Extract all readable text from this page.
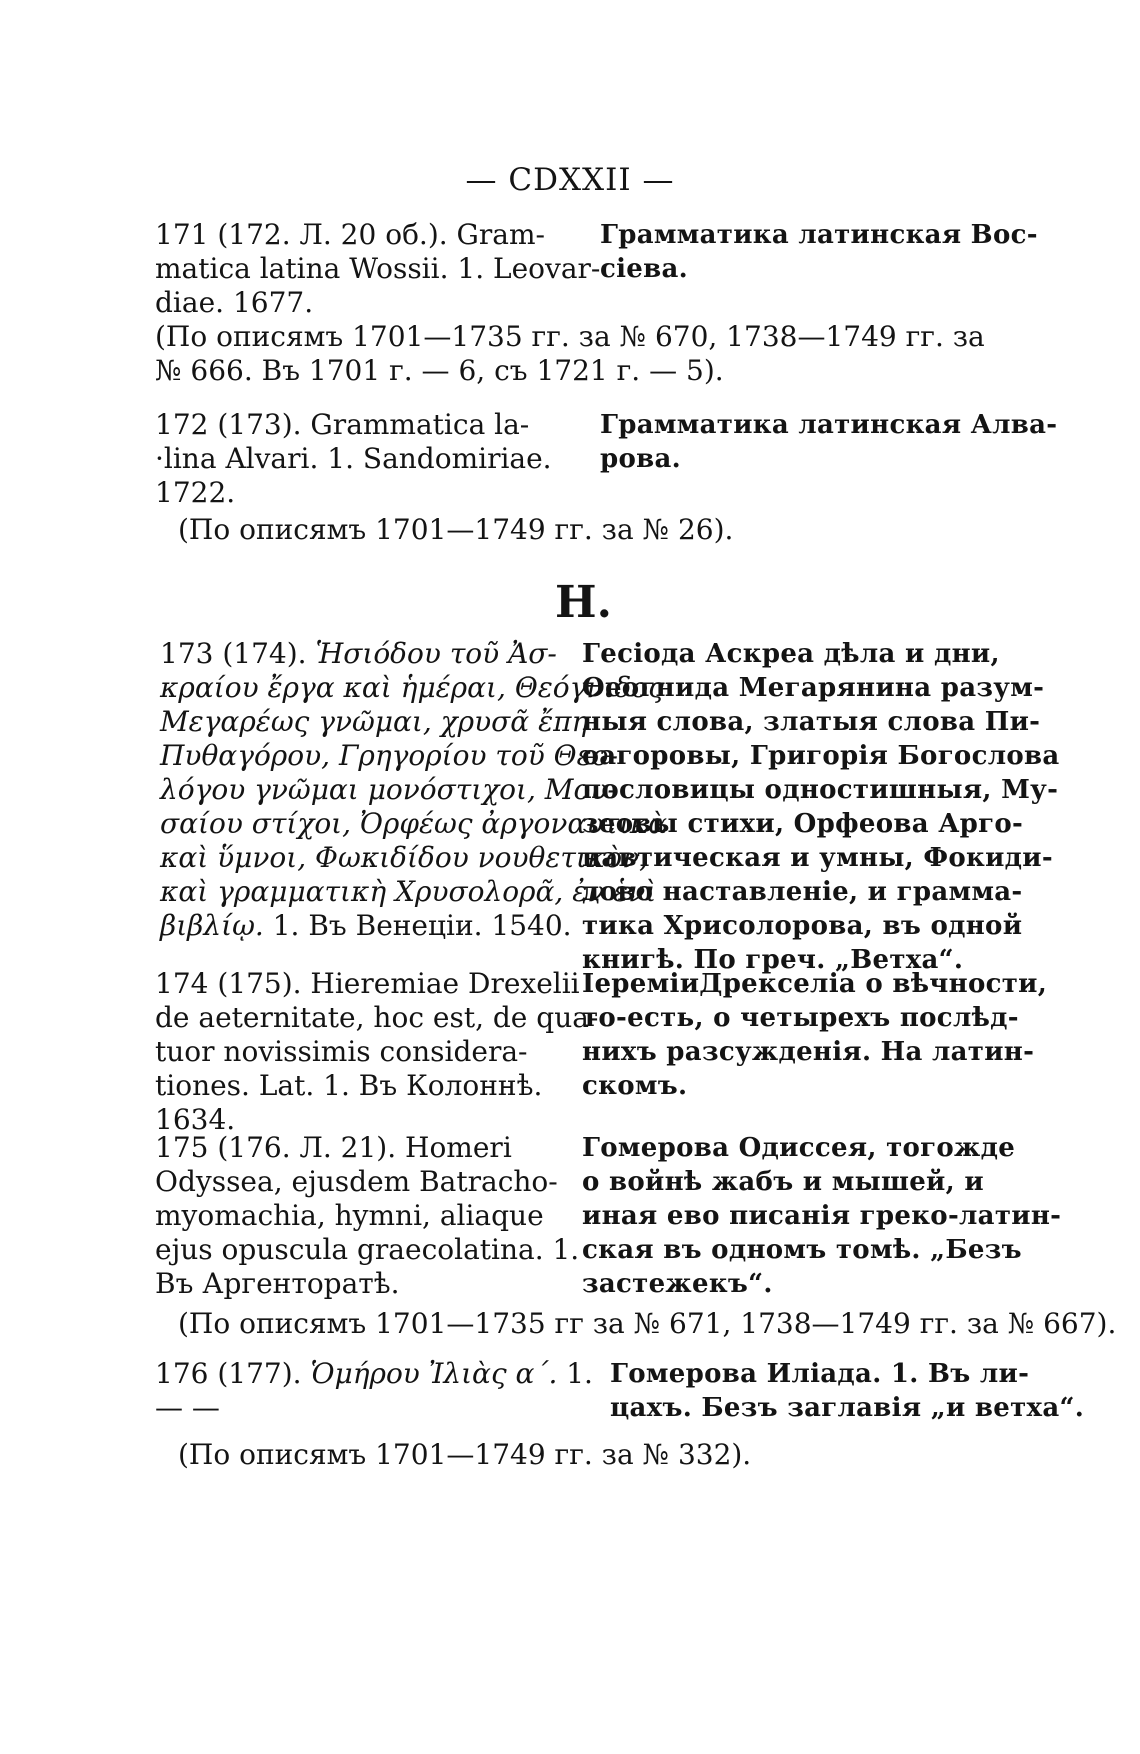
— CDXXII —
171 (172. Л. 20 об.). Gram-
matica latina Wossii. 1. Leovar-
diae. 1677.
Грамматика латинская Вос-
сіева.
(По описямъ 1701—1735 гг. за № 670, 1738—1749 гг. за
№ 666. Въ 1701 г. — 6, съ 1721 г. — 5).
172 (173). Grammatica la-
·lina Alvari. 1. Sandomiriae.
1722.
Грамматика латинская Алва-
рова.
(По описямъ 1701—1749 гг. за № 26).
Н.
173 (174). Ἡσιόδου τοῦ Ἀσ-
κραίου ἔργα καὶ ἡμέραι, Θεόγνιδος
Μεγαρέως γνῶμαι, χρυσᾶ ἔπη
Πυθαγόρου, Γρηγορίου τοῦ Θεο-
λόγου γνῶμαι μονόστιχοι, Μου-
σαίου στίχοι, Ὀρφέως ἀργοναυτικὰ
καὶ ὕμνοι, Φωκιδίδου νουθετικὸν,
καὶ γραμματικὴ Χρυσολορᾶ, ἐν ἑνὶ
βιβλίῳ. 1. Въ Венеціи. 1540.
Гесіода Аскреа дѣла и дни,
Ѳеогнида Мегарянина разум-
ныя слова, златыя слова Пи-
ѳагоровы, Григорія Богослова
пословицы одностишныя, Му-
зеовы стихи, Орфеова Арго-
навтическая и умны, Фокиди-
дово наставленіе, и грамма-
тика Хрисолорова, въ одной
книгѣ. По греч. „Ветха“.
174 (175). Hieremiae Drexelii
de aeternitate, hoc est, de qua-
tuor novissimis considera-
tiones. Lat. 1. Въ Колоннѣ.
1634.
ІереміиДрекселіа о вѣчности,
то-есть, о четырехъ послѣд-
нихъ разсужденія. На латин-
скомъ.
175 (176. Л. 21). Homeri
Odyssea, ejusdem Batracho-
myomachia, hymni, aliaque
ejus opuscula graecolatina. 1.
Въ Аргенторатѣ.
Гомерова Одиссея, тогожде
о войнѣ жабъ и мышей, и
иная ево писанія греко-латин-
ская въ одномъ томѣ. „Безъ
застежекъ“.
(По описямъ 1701—1735 гг за № 671, 1738—1749 гг. за № 667).
176 (177). Ὁμήρου Ἰλιὰς α΄. 1.
— —
Гомерова Иліада. 1. Въ ли-
цахъ. Безъ заглавія „и ветха“.
(По описямъ 1701—1749 гг. за № 332).
